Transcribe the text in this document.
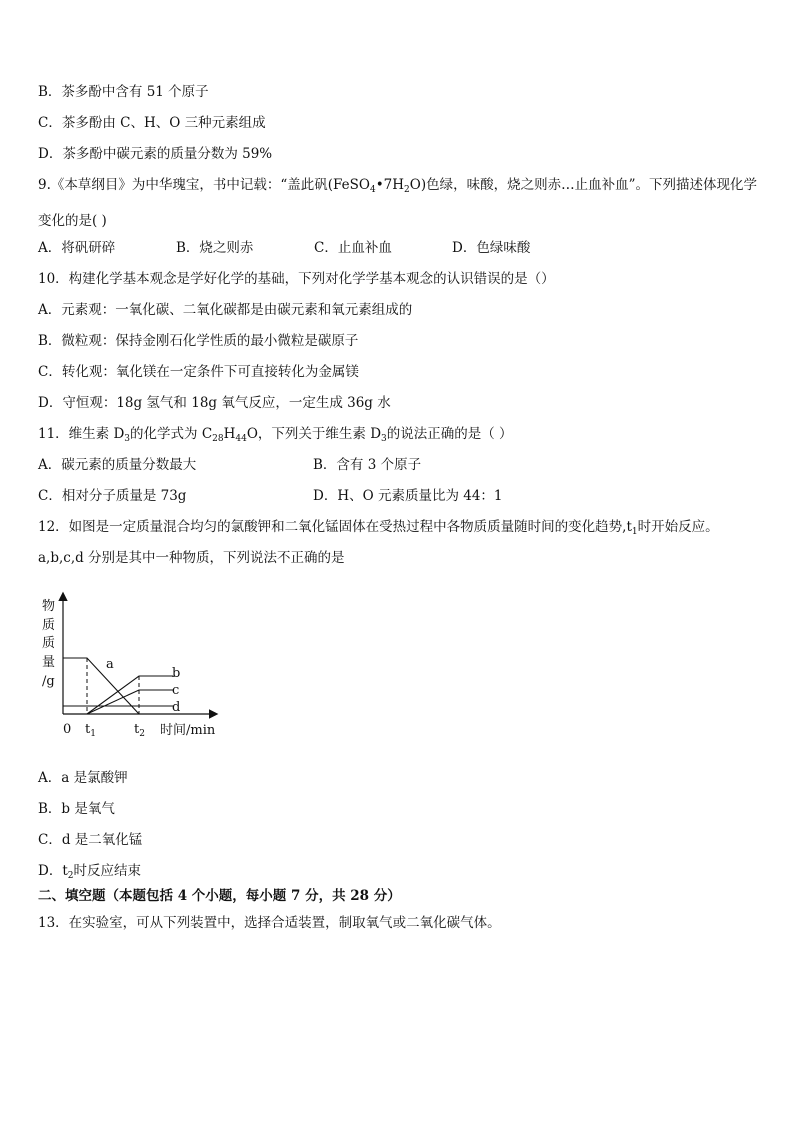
B．茶多酚中含有 51 个原子
C．茶多酚由 C、H、O 三种元素组成
D．茶多酚中碳元素的质量分数为 59%
9.《本草纲目》为中华瑰宝，书中记载：“盖此矾$(FeSO_4•7H_2O)$色绿，味酸，烧之则赤…止血补血”。下列描述体现化学变化的是( )
A．将矾研碎	B．烧之则赤	C．止血补血	D．色绿味酸
10．构建化学基本观念是学好化学的基础，下列对化学学基本观念的认识错误的是（）
A．元素观：一氧化碳、二氧化碳都是由碳元素和氧元素组成的
B．微粒观：保持金刚石化学性质的最小微粒是碳原子
C．转化观：氧化镁在一定条件下可直接转化为金属镁
D．守恒观：18g 氢气和 18g 氧气反应，一定生成 36g 水
11．维生素 $D_3$的化学式为 $C_{28}H_{44}O$，下列关于维生素 $D_3$的说法正确的是（ ）
A．碳元素的质量分数最大	B．含有 3 个原子
C．相对分子质量是 73g	D．H、O 元素质量比为 44：1
12．如图是一定质量混合均匀的氯酸钾和二氧化锰固体在受热过程中各物质质量随时间的变化趋势$,t_1$时开始反应。
a,b,c,d 分别是其中一种物质，下列说法不正确的是
物
质
质
量
/g
a
b
c
d
0 $t_1$	$t_2$ 时间/min
A．a 是氯酸钾
B．b 是氧气
C．d 是二氧化锰
D．$t_2$时反应结束
二、填空题（本题包括 4 个小题，每小题 7 分，共 28 分）
13．在实验室，可从下列装置中，选择合适装置，制取氧气或二氧化碳气体。
